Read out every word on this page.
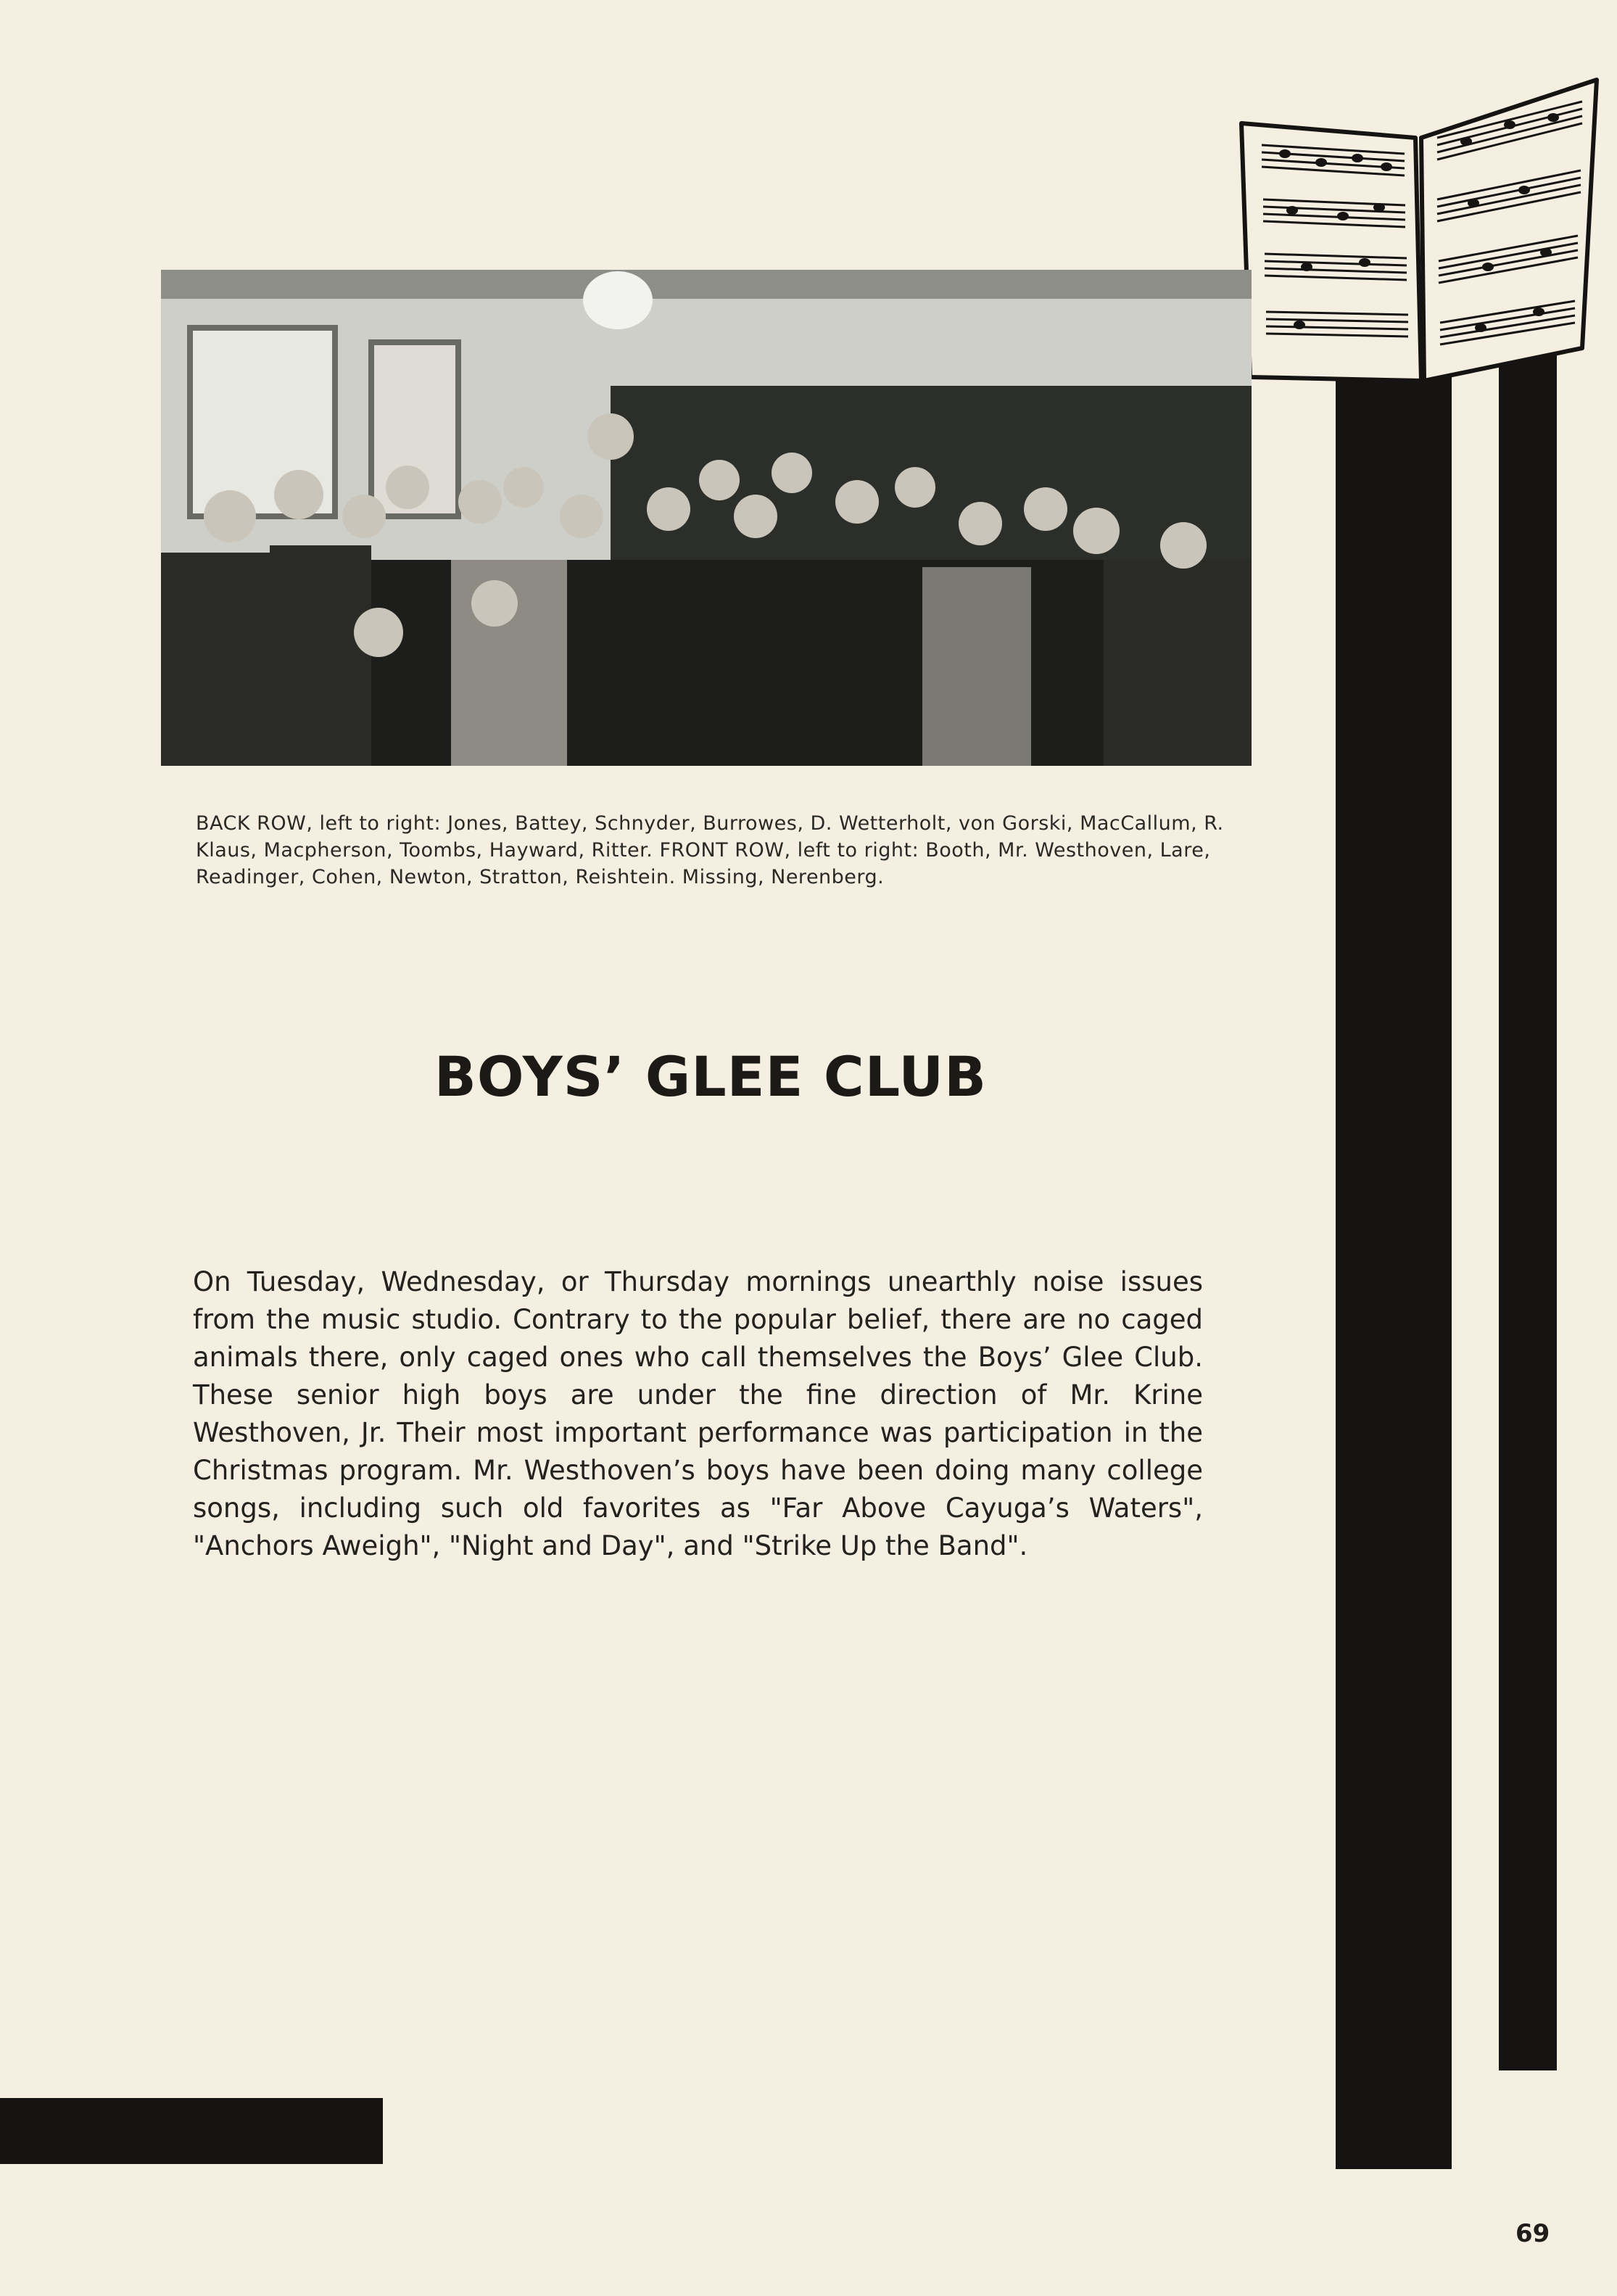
BACK ROW, left to right: Jones, Battey, Schnyder, Burrowes, D. Wetterholt, von Gorski, MacCallum, R. Klaus, Macpherson, Toombs, Hayward, Ritter. FRONT ROW, left to right: Booth, Mr. Westhoven, Lare, Readinger, Cohen, Newton, Stratton, Reishtein. Missing, Nerenberg.

BOYS’ GLEE CLUB

On Tuesday, Wednesday, or Thursday mornings unearthly noise issues from the music studio. Contrary to the popular belief, there are no caged animals there, only caged ones who call themselves the Boys’ Glee Club. These senior high boys are under the fine direction of Mr. Krine Westhoven, Jr. Their most important performance was participation in the Christmas program. Mr. Westhoven’s boys have been doing many college songs, including such old favorites as "Far Above Cayuga’s Waters", "Anchors Aweigh", "Night and Day", and "Strike Up the Band".

69
